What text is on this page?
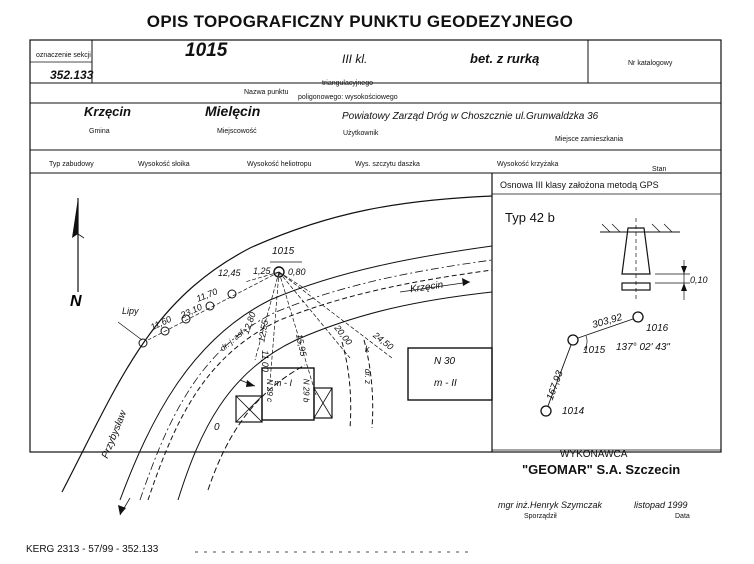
OPIS TOPOGRAFICZNY PUNKTU GEODEZYJNEGO
oznaczenie sekcji
352.133
1015	III kl.	bet. z rurką	Nr katalogowy
Nazwa punktu
triangulacyjnego
poligonowego: wysokościowego
Krzęcin	Mielęcin	Powiatowy Zarząd Dróg w Choszcznie ul.Grunwaldzka 36
Gmina	Miejscowość	Użytkownik
Miejsce zamieszkania
Typ zabudowy	Wysokość słoika	Wysokość heliotropu	Wys. szczytu daszka	Wysokość krzyżaka
Stan
N
1015
Krzęcin
Przybysław
Lipy
dr. j. asf
dr. z
m - I N 29 b
N 29 c
N 30
m - II
0
k
12,45 1,25 0,80
11,70
11,60
23,10	12,80
12,55
15,95	20,00 24,50
11,00
Osnowa III klasy założona metodą GPS
Typ 42 b
0,10
303,92 1016
1015 137° 02' 43"
167,93
1014
WYKONAWCA
"GEOMAR" S.A. Szczecin
mgr inż.Henryk Szymczak
Sporządził
listopad 1999
Data
KERG 2313 - 57/99 - 352.133
